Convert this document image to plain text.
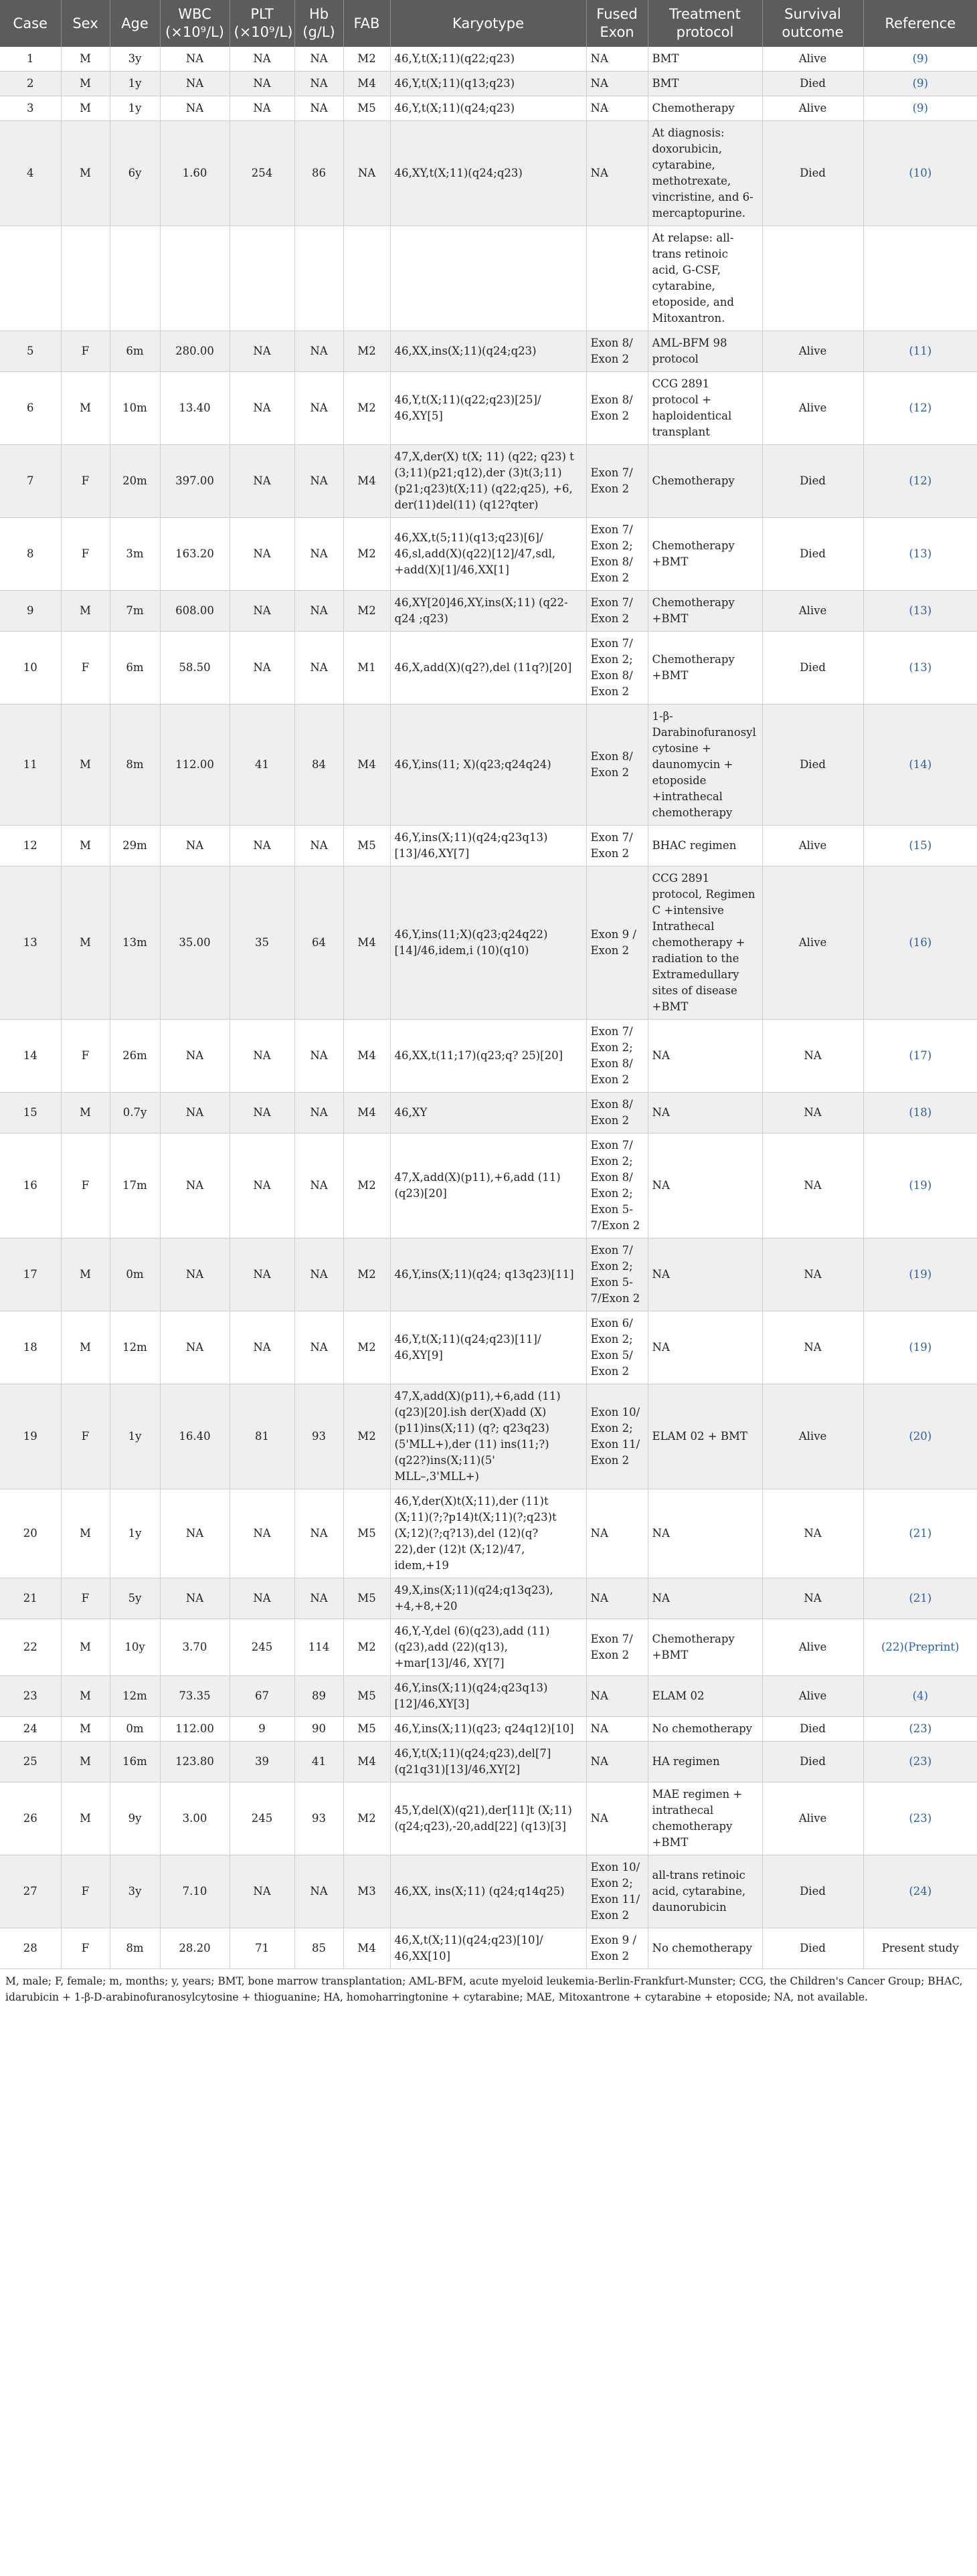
Case	Sex	Age	WBC (×10⁹/L)	PLT (×10⁹/L)	Hb (g/L)	FAB	Karyotype	Fused Exon	Treatment protocol	Survival outcome	Reference
1	M	3y	NA	NA	NA	M2	46,Y,t(X;11)(q22;q23)	NA	BMT	Alive	(9)
2	M	1y	NA	NA	NA	M4	46,Y,t(X;11)(q13;q23)	NA	BMT	Died	(9)
3	M	1y	NA	NA	NA	M5	46,Y,t(X;11)(q24;q23)	NA	Chemotherapy	Alive	(9)
4	M	6y	1.60	254	86	NA	46,XY,t(X;11)(q24;q23)	NA	At diagnosis: doxorubicin, cytarabine, methotrexate, vincristine, and 6-mercaptopurine.	Died	(10)
									At relapse: all-trans retinoic acid, G-CSF, cytarabine, etoposide, and Mitoxantron.		
5	F	6m	280.00	NA	NA	M2	46,XX,ins(X;11)(q24;q23)	Exon 8/ Exon 2	AML-BFM 98 protocol	Alive	(11)
6	M	10m	13.40	NA	NA	M2	46,Y,t(X;11)(q22;q23)[25]/ 46,XY[5]	Exon 8/ Exon 2	CCG 2891 protocol + haploidentical transplant	Alive	(12)
7	F	20m	397.00	NA	NA	M4	47,X,der(X) t(X; 11) (q22; q23) t (3;11)(p21;q12),der (3)t(3;11) (p21;q23)t(X;11) (q22;q25), +6, der(11)del(11) (q12?qter)	Exon 7/ Exon 2	Chemotherapy	Died	(12)
8	F	3m	163.20	NA	NA	M2	46,XX,t(5;11)(q13;q23)[6]/ 46,sl,add(X)(q22)[12]/47,sdl, +add(X)[1]/46,XX[1]	Exon 7/ Exon 2; Exon 8/ Exon 2	Chemotherapy +BMT	Died	(13)
9	M	7m	608.00	NA	NA	M2	46,XY[20]46,XY,ins(X;11) (q22-q24 ;q23)	Exon 7/ Exon 2	Chemotherapy +BMT	Alive	(13)
10	F	6m	58.50	NA	NA	M1	46,X,add(X)(q2?),del (11q?)[20]	Exon 7/ Exon 2; Exon 8/ Exon 2	Chemotherapy +BMT	Died	(13)
11	M	8m	112.00	41	84	M4	46,Y,ins(11; X)(q23;q24q24)	Exon 8/ Exon 2	1-β-Darabinofuranosylcytosine + daunomycin + etoposide +intrathecal chemotherapy	Died	(14)
12	M	29m	NA	NA	NA	M5	46,Y,ins(X;11)(q24;q23q13) [13]/46,XY[7]	Exon 7/ Exon 2	BHAC regimen	Alive	(15)
13	M	13m	35.00	35	64	M4	46,Y,ins(11;X)(q23;q24q22) [14]/46,idem,i (10)(q10)	Exon 9 / Exon 2	CCG 2891 protocol, Regimen C +intensive Intrathecal chemotherapy + radiation to the Extramedullary sites of disease +BMT	Alive	(16)
14	F	26m	NA	NA	NA	M4	46,XX,t(11;17)(q23;q? 25)[20]	Exon 7/ Exon 2; Exon 8/ Exon 2	NA	NA	(17)
15	M	0.7y	NA	NA	NA	M4	46,XY	Exon 8/ Exon 2	NA	NA	(18)
16	F	17m	NA	NA	NA	M2	47,X,add(X)(p11),+6,add (11) (q23)[20]	Exon 7/ Exon 2; Exon 8/ Exon 2; Exon 5-7/Exon 2	NA	NA	(19)
17	M	0m	NA	NA	NA	M2	46,Y,ins(X;11)(q24; q13q23)[11]	Exon 7/ Exon 2; Exon 5-7/Exon 2	NA	NA	(19)
18	M	12m	NA	NA	NA	M2	46,Y,t(X;11)(q24;q23)[11]/ 46,XY[9]	Exon 6/ Exon 2; Exon 5/ Exon 2	NA	NA	(19)
19	F	1y	16.40	81	93	M2	47,X,add(X)(p11),+6,add (11) (q23)[20].ish der(X)add (X)(p11)ins(X;11) (q?; q23q23)(5'MLL+),der (11) ins(11;?)(q22?)ins(X;11)(5' MLL–,3'MLL+)	Exon 10/ Exon 2; Exon 11/ Exon 2	ELAM 02 + BMT	Alive	(20)
20	M	1y	NA	NA	NA	M5	46,Y,der(X)t(X;11),der (11)t (X;11)(?;?p14)t(X;11)(?;q23)t (X;12)(?;q?13),del (12)(q? 22),der (12)t (X;12)/47, idem,+19	NA	NA	NA	(21)
21	F	5y	NA	NA	NA	M5	49,X,ins(X;11)(q24;q13q23), +4,+8,+20	NA	NA	NA	(21)
22	M	10y	3.70	245	114	M2	46,Y,-Y,del (6)(q23),add (11) (q23),add (22)(q13), +mar[13]/46, XY[7]	Exon 7/ Exon 2	Chemotherapy +BMT	Alive	(22)(Preprint)
23	M	12m	73.35	67	89	M5	46,Y,ins(X;11)(q24;q23q13) [12]/46,XY[3]	NA	ELAM 02	Alive	(4)
24	M	0m	112.00	9	90	M5	46,Y,ins(X;11)(q23; q24q12)[10]	NA	No chemotherapy	Died	(23)
25	M	16m	123.80	39	41	M4	46,Y,t(X;11)(q24;q23),del[7] (q21q31)[13]/46,XY[2]	NA	HA regimen	Died	(23)
26	M	9y	3.00	245	93	M2	45,Y,del(X)(q21),der[11]t (X;11)(q24;q23),-20,add[22] (q13)[3]	NA	MAE regimen + intrathecal chemotherapy +BMT	Alive	(23)
27	F	3y	7.10	NA	NA	M3	46,XX, ins(X;11) (q24;q14q25)	Exon 10/ Exon 2; Exon 11/ Exon 2	all-trans retinoic acid, cytarabine, daunorubicin	Died	(24)
28	F	8m	28.20	71	85	M4	46,X,t(X;11)(q24;q23)[10]/ 46,XX[10]	Exon 9 / Exon 2	No chemotherapy	Died	Present study
M, male; F, female; m, months; y, years; BMT, bone marrow transplantation; AML-BFM, acute myeloid leukemia-Berlin-Frankfurt-Munster; CCG, the Children's Cancer Group; BHAC, idarubicin + 1-β-D-arabinofuranosylcytosine + thioguanine; HA, homoharringtonine + cytarabine; MAE, Mitoxantrone + cytarabine + etoposide; NA, not available.
